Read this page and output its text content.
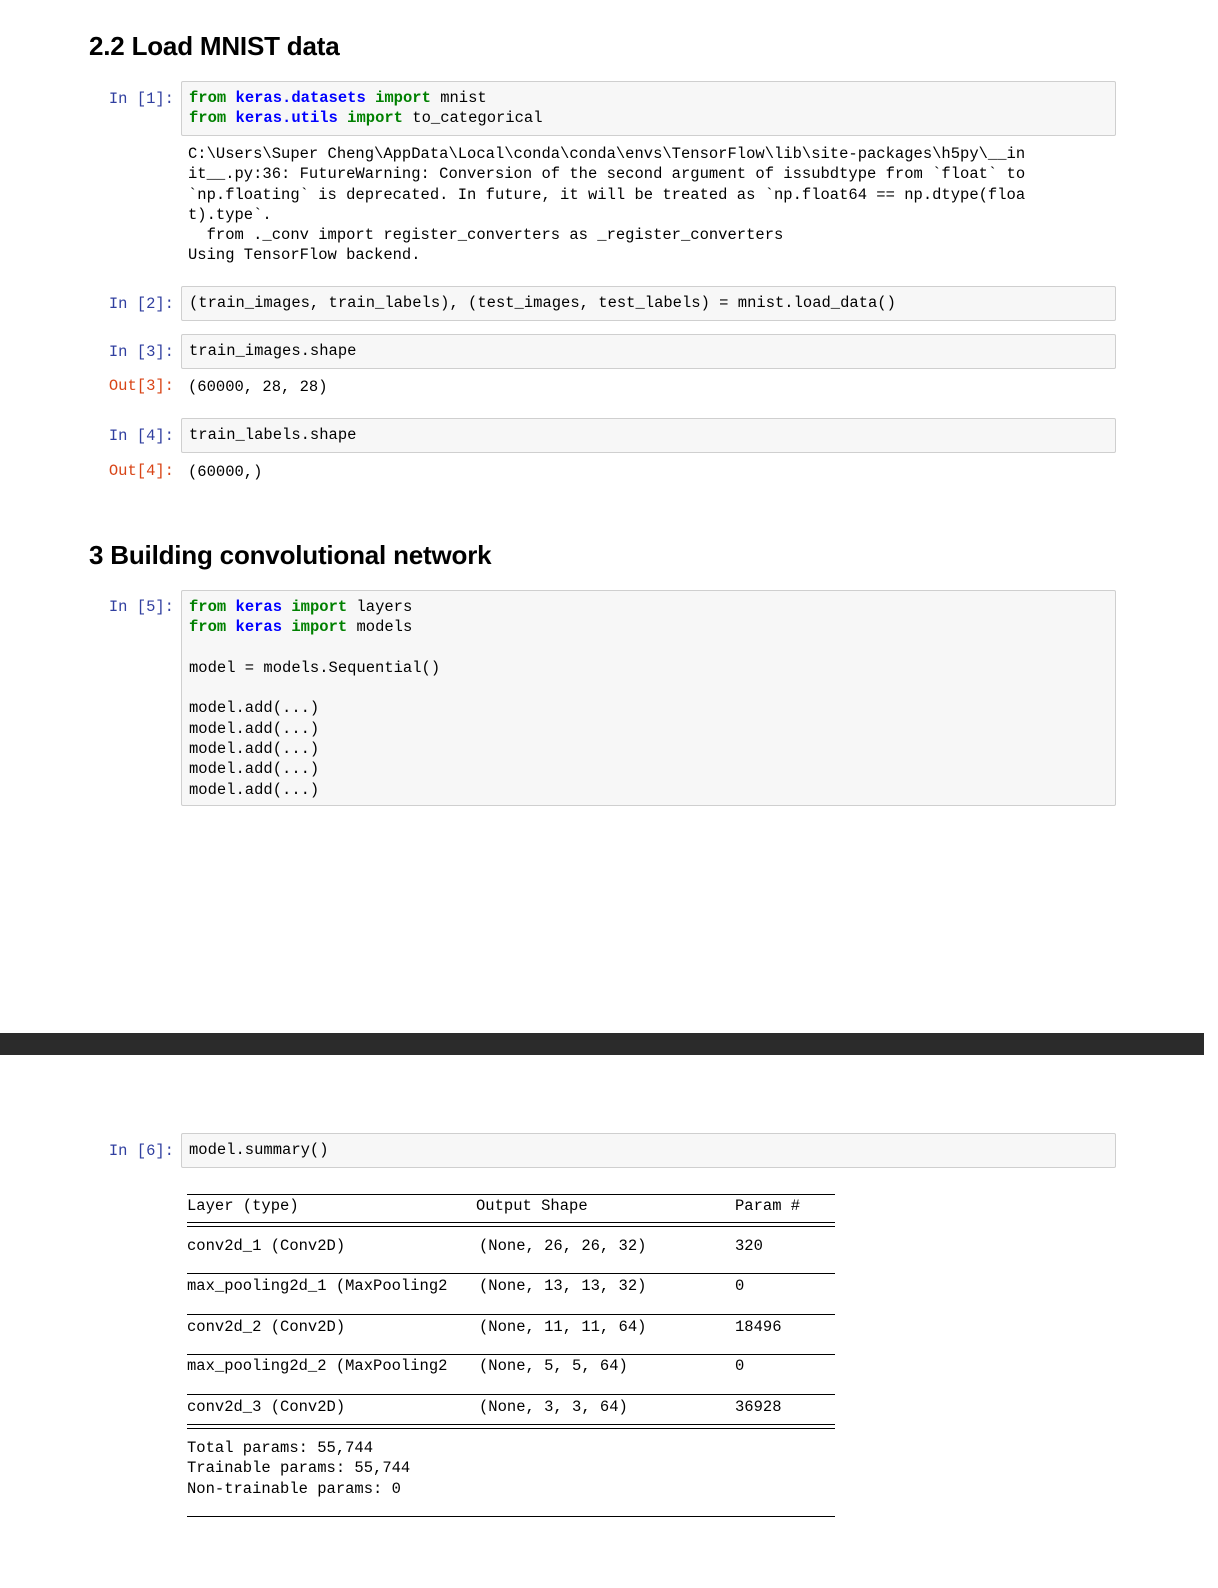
2.2 Load MNIST data
In [1]: from keras.datasets import mnist
from keras.utils import to_categorical
C:\Users\Super Cheng\AppData\Local\conda\conda\envs\TensorFlow\lib\site-packages\h5py\__in
it__.py:36: FutureWarning: Conversion of the second argument of issubdtype from `float` to
`np.floating` is deprecated. In future, it will be treated as `np.float64 == np.dtype(floa
t).type`.
from ._conv import register_converters as _register_converters
Using TensorFlow backend.
In [2]: (train_images, train_labels), (test_images, test_labels) = mnist.load_data()
In [3]: train_images.shape
Out[3]: (60000, 28, 28)
In [4]: train_labels.shape
Out[4]: (60000,)
3 Building convolutional network
In [5]: from keras import layers
from keras import models
model = models.Sequential()
model.add(...)
model.add(...)
model.add(...)
model.add(...)
model.add(...)
In [6]: model.summary()
Layer (type)	Output Shape	Param #
conv2d_1 (Conv2D)	(None, 26, 26, 32)	320
max_pooling2d_1 (MaxPooling2 (None, 13, 13, 32)	0
conv2d_2 (Conv2D)	(None, 11, 11, 64)	18496
max_pooling2d_2 (MaxPooling2 (None, 5, 5, 64)	0
conv2d_3 (Conv2D)	(None, 3, 3, 64)	36928
Total params: 55,744
Trainable params: 55,744
Non-trainable params: 0
